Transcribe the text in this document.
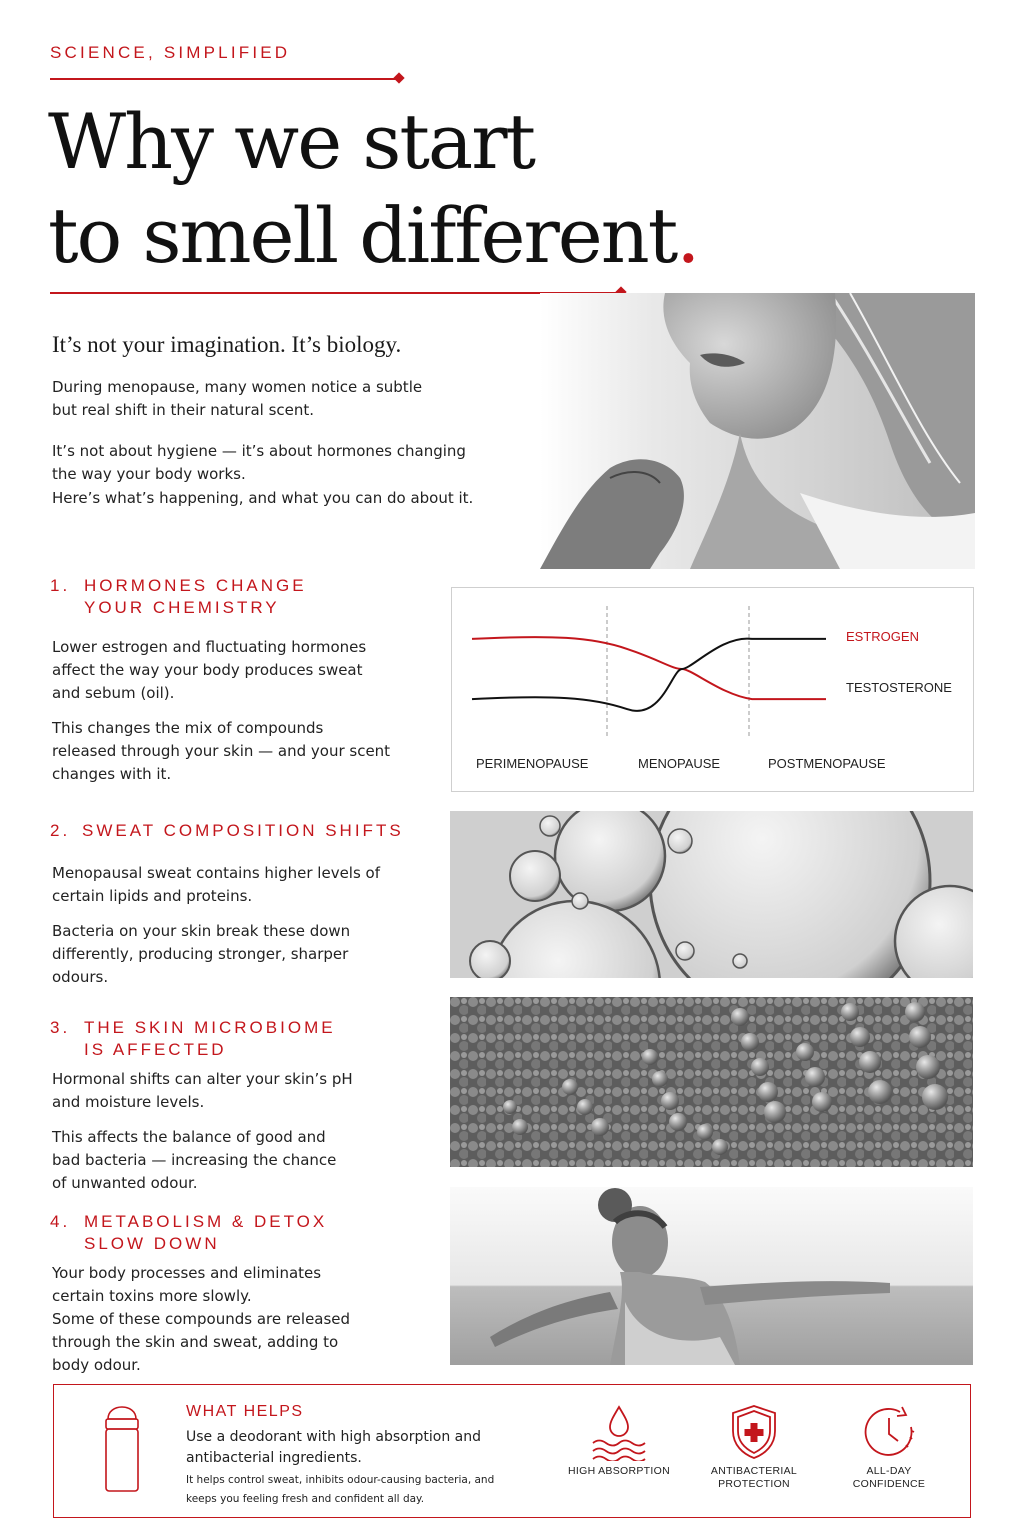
SCIENCE, SIMPLIFIED
Why we start
to smell different.
It’s not your imagination. It’s biology.
During menopause, many women notice a subtle but real shift in their natural scent.
It’s not about hygiene — it’s about hormones changing the way your body works.
Here’s what’s happening, and what you can do about it.
1. HORMONES CHANGE
YOUR CHEMISTRY

Lower estrogen and fluctuating hormones affect the way your body produces sweat and sebum (oil).

This changes the mix of compounds released through your skin — and your scent changes with it.

ESTROGEN
TESTOSTERONE
PERIMENOPAUSE	MENOPAUSE	POSTMENOPAUSE
2. SWEAT COMPOSITION SHIFTS

Menopausal sweat contains higher levels of certain lipids and proteins.

Bacteria on your skin break these down differently, producing stronger, sharper odours.

3. THE SKIN MICROBIOME
IS AFFECTED

Hormonal shifts can alter your skin’s pH and moisture levels.

This affects the balance of good and bad bacteria — increasing the chance of unwanted odour.

4. METABOLISM & DETOX
SLOW DOWN

Your body processes and eliminates certain toxins more slowly.

Some of these compounds are released through the skin and sweat, adding to body odour.

WHAT HELPS
Use a deodorant with high absorption and antibacterial ingredients.
It helps control sweat, inhibits odour-causing bacteria, and keeps you feeling fresh and confident all day.
HIGH ABSORPTION	ANTIBACTERIAL
PROTECTION
ALL-DAY
CONFIDENCE
